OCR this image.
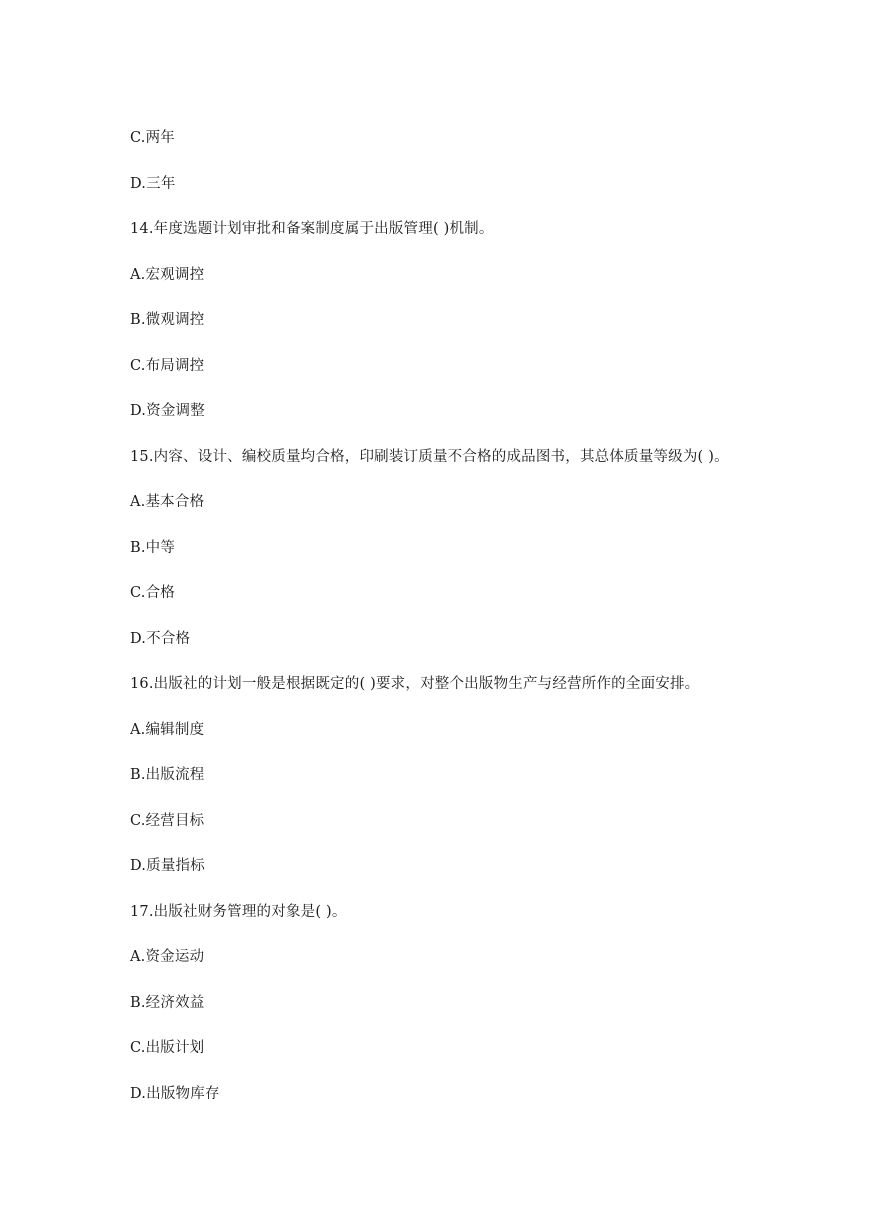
C.两年
D.三年
14.年度选题计划审批和备案制度属于出版管理( )机制。
A.宏观调控
B.微观调控
C.布局调控
D.资金调整
15.内容、设计、编校质量均合格，印刷装订质量不合格的成品图书，其总体质量等级为( )。
A.基本合格
B.中等
C.合格
D.不合格
16.出版社的计划一般是根据既定的( )要求，对整个出版物生产与经营所作的全面安排。
A.编辑制度
B.出版流程
C.经营目标
D.质量指标
17.出版社财务管理的对象是( )。
A.资金运动
B.经济效益
C.出版计划
D.出版物库存
